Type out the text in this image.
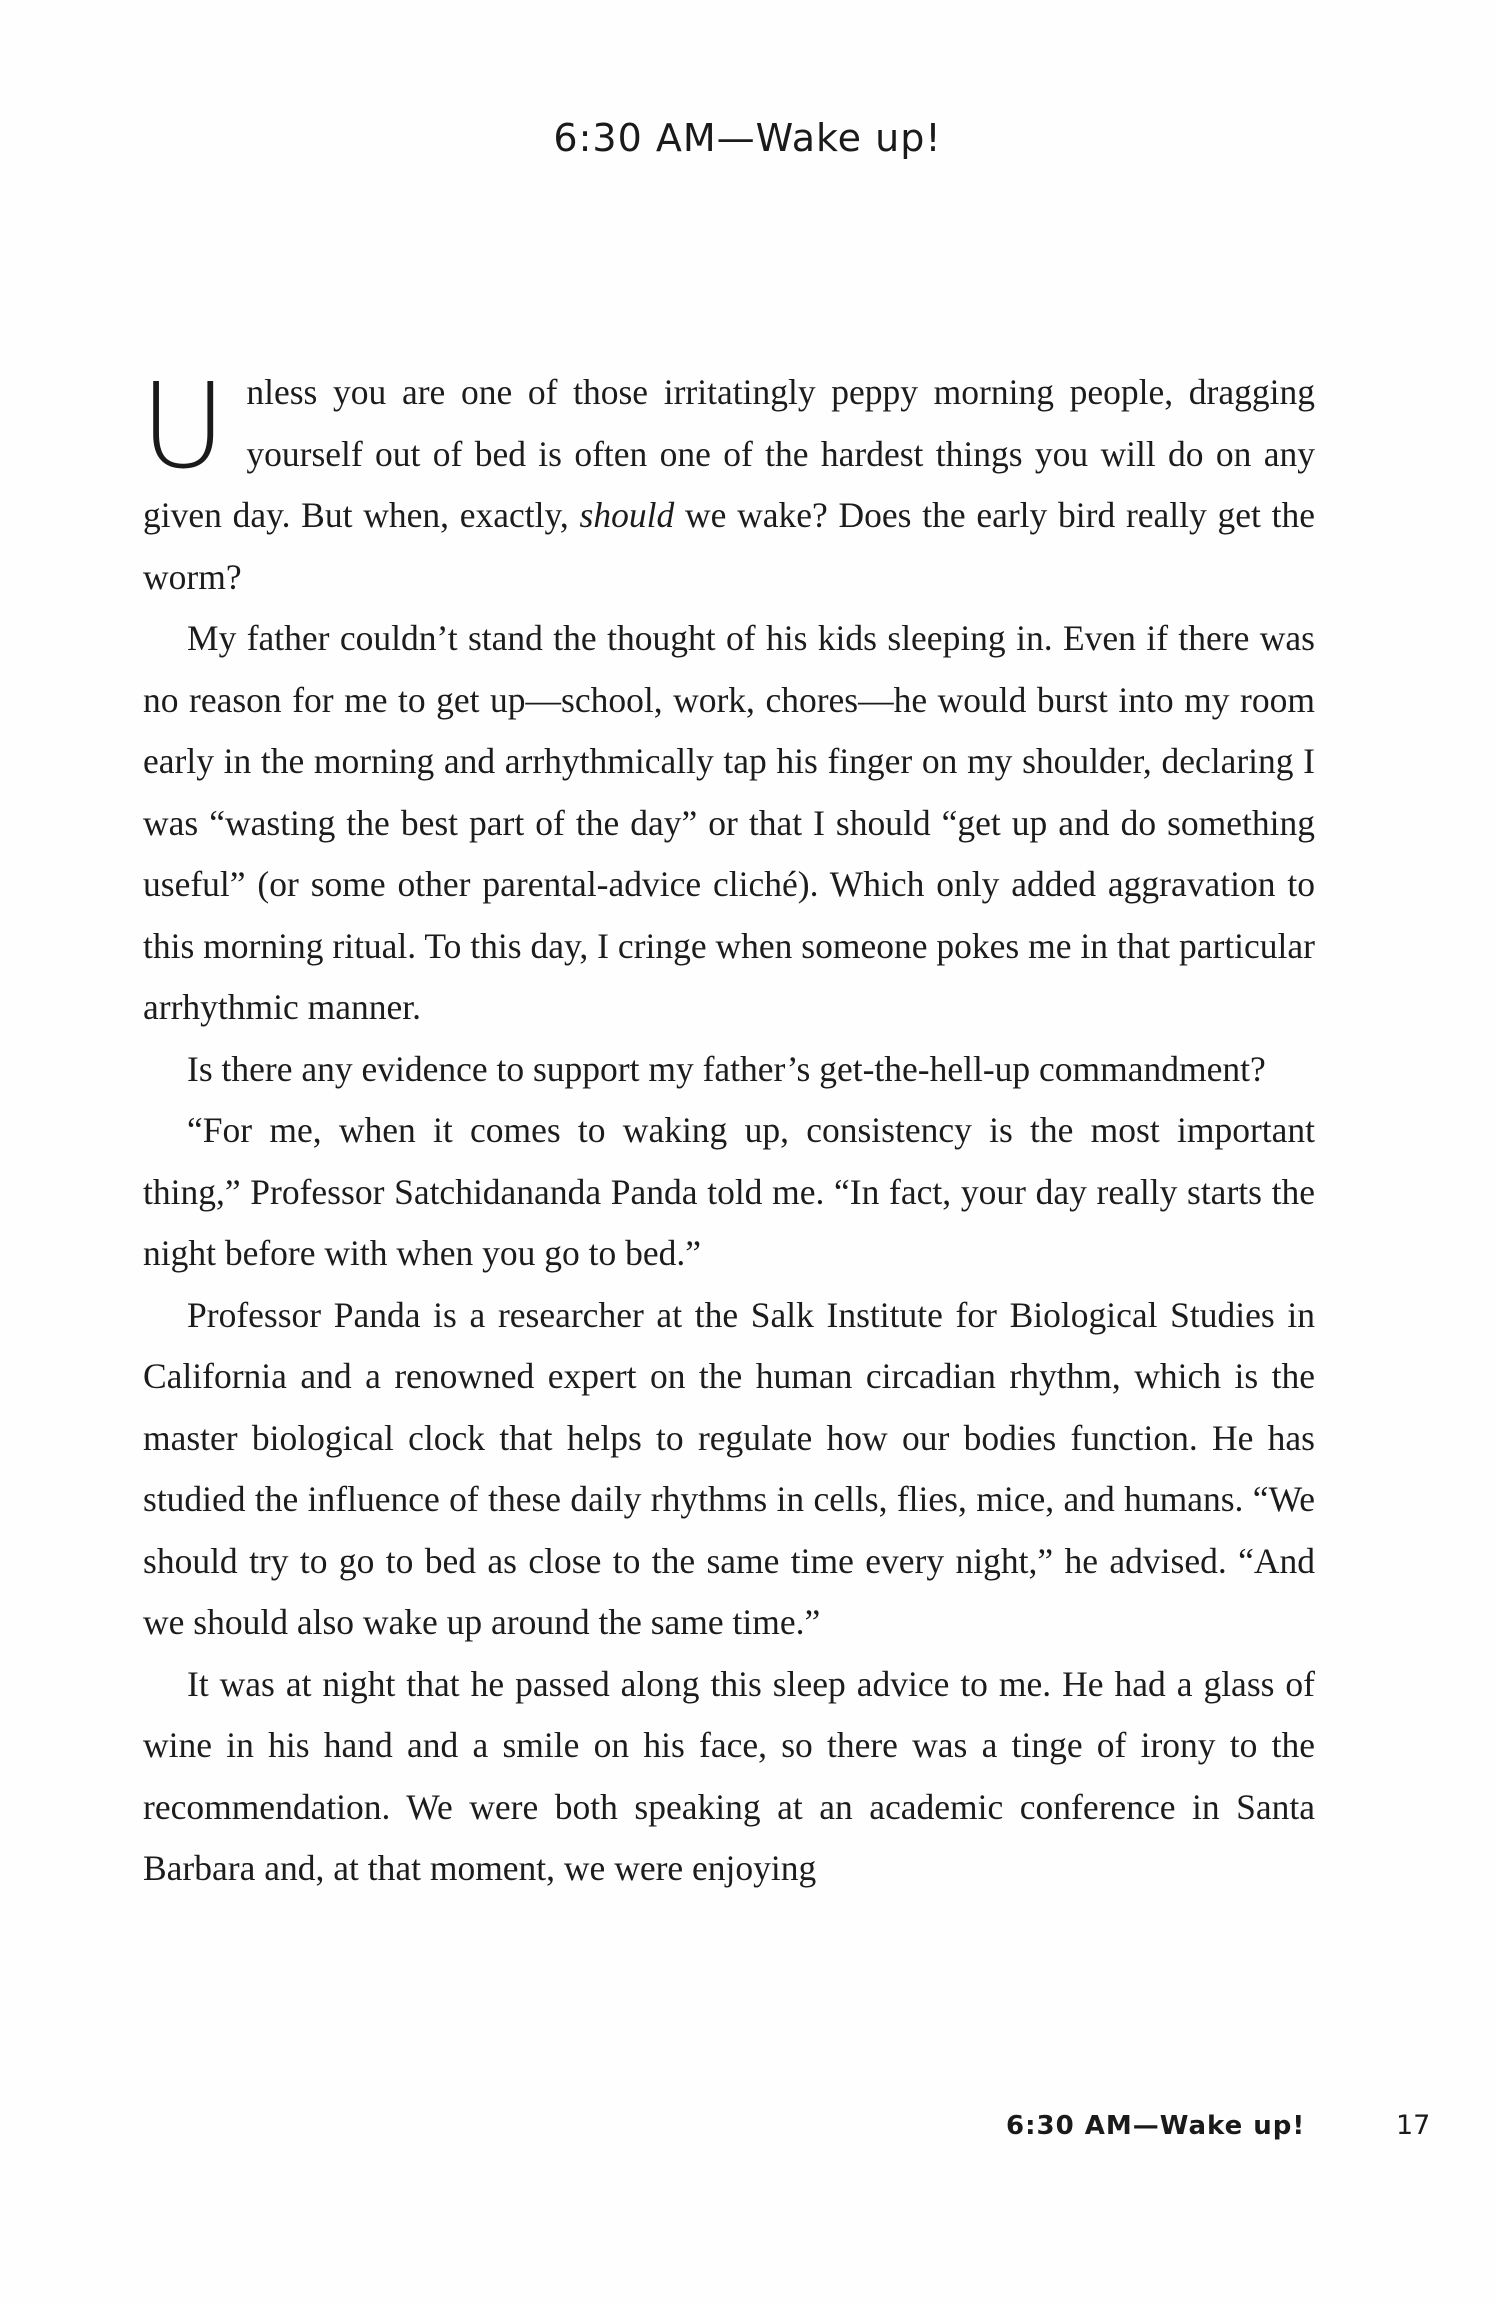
6:30 AM—Wake up!

Unless you are one of those irritatingly peppy morning people, dragging yourself out of bed is often one of the hardest things you will do on any given day. But when, exactly, should we wake? Does the early bird really get the worm?

My father couldn’t stand the thought of his kids sleeping in. Even if there was no reason for me to get up—school, work, chores—he would burst into my room early in the morning and arrhythmically tap his finger on my shoulder, declaring I was “wasting the best part of the day” or that I should “get up and do something useful” (or some other parental-advice cliché). Which only added aggravation to this morning ritual. To this day, I cringe when someone pokes me in that particular arrhythmic manner.

Is there any evidence to support my father’s get-the-hell-up commandment?

“For me, when it comes to waking up, consistency is the most important thing,” Professor Satchidananda Panda told me. “In fact, your day really starts the night before with when you go to bed.”

Professor Panda is a researcher at the Salk Institute for Biological Studies in California and a renowned expert on the human circadian rhythm, which is the master biological clock that helps to regulate how our bodies function. He has studied the influence of these daily rhythms in cells, flies, mice, and humans. “We should try to go to bed as close to the same time every night,” he advised. “And we should also wake up around the same time.”

It was at night that he passed along this sleep advice to me. He had a glass of wine in his hand and a smile on his face, so there was a tinge of irony to the recommendation. We were both speaking at an academic conference in Santa Barbara and, at that moment, we were enjoying

6:30 AM—Wake up!	17
